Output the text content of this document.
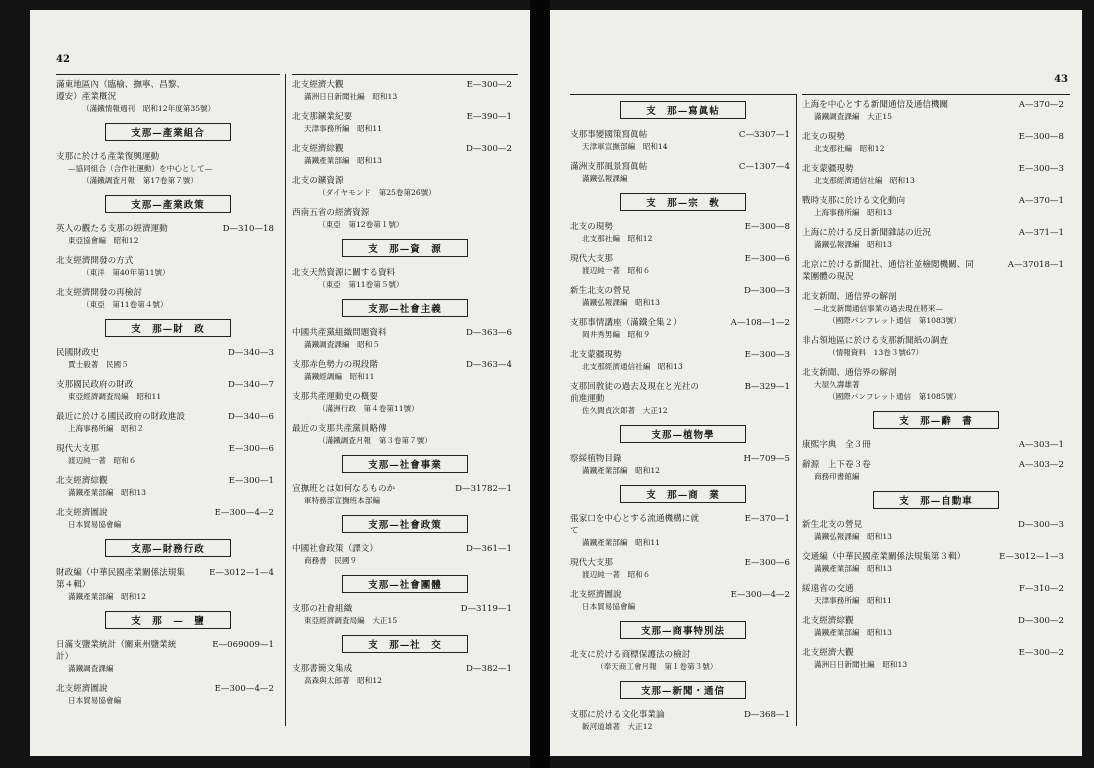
42
滿東地區內（臨榆、撫寧、昌黎、遵安）產業槪況
（滿鐵情報週刊　昭和12年度第35號）
支那—產業組合
支那に於ける產業復興運動
—協同組合（合作社運動）を中心として—
（滿鐵調査月報　第17卷第７號）
支那—產業政策
英人の觀たる支那の經濟運動	D—310—18
東亞協會編　昭和12
北支經濟開發の方式
（東洋　第40年第11號）
北支經濟開發の再檢討
（東亞　第11卷第４號）
支　那—財　政
民國財政史	D—340—3
賈士毅著　民國５
支那國民政府の財政	D—340—7
東亞經濟調査局編　昭和11
最近に於ける國民政府の財政進設	D—340—6
上海事務所編　昭和２
現代大支那	E—300—6
渡辺純一著　昭和６
北支經濟綜觀	E—300—1
滿鐵產業部編　昭和13
北支經濟圖說	E—300—4—2
日本貿易協會編
支那—財務行政
財政編（中華民國產業關係法規集第４輯）
E—3012—1—4
滿鐵產業部編　昭和12
支　那　—　鹽
日滿支鹽業統計（關東州鹽業統計）
E—069009—1
滿鐵調査課編
北支經濟圖說	E—300—4—2
日本貿易協會編
北支經濟大觀	E—300—2
滿洲日日新聞社編　昭和13
北支那鑛業紀要	E—390—1
天津事務所編　昭和11
北支經濟綜觀	D—300—2
滿鐵產業部編　昭和13
北支の鑛資源
（ダイヤモンド　第25卷第26號）
西南五省の經濟資源
（東亞　第12卷第１號）
支　那—資　源
北支天然資源に關する資料
（東亞　第11卷第５號）
支那—社會主義
中國共產黨組織問題資料	D—363—6
滿鐵調査課編　昭和５
支那赤色勢力の現段階	D—363—4
滿鐵經調編　昭和11
支那共產運動史の槪要
（滿洲行政　第４卷第11號）
最近の支那共產黨員略傳
（滿鐵調査月報　第３卷第７號）
支那—社會事業
宣撫班とは如何なるものか	D—31782—1
軍特務部宣撫班本部編
支那—社會政策
中國社會政策（譯文）	D—361—1
商務書　民國９
支那—社會團體
支那の社會組織	D—3119—1
東亞經濟調査局編　大正15
支　那—社　交
支那書簡文集成	D—382—1
高森與太郎著　昭和12
43
支　那—寫眞帖
支那事變國策寫眞帖	C—3307—1
天津軍宣撫部編　昭和14
滿洲支那風景寫眞帖	C—1307—4
滿鐵弘報課編
支　那—宗　敎
北支の現勢	E—300—8
北支那社編　昭和12
現代大支那	E—300—6
渡辺純一著　昭和６
新生北支の營見	D—300—3
滿鐵弘報課編　昭和13
支那事情講座（滿鐵全集２）	A—108—1—2
岡井秀男編　昭和９
北支蒙疆現勢	E—300—3
北支那經濟通信社編　昭和13
支那回敎徒の過去及現在と光社の前進運動
B—329—1
佐久間貞次郞著　大正12
支那—植物學
察綏植物目錄	H—709—5
滿鐵產業部編　昭和12
支　那—商　業
張家口を中心とする流通機構に就て
E—370—1
滿鐵產業部編　昭和11
現代大支那	E—300—6
渡辺純一著　昭和６
北支經濟圖說	E—300—4—2
日本貿易協會編
支那—商事特別法
北支に於ける商標保護法の檢討
（奉天商工會月報　第１卷第３號）
支那—新聞・通信
支那に於ける文化事業論	D—368—1
飯河道雄著　大正12
上海を中心とする新聞通信及通信機關	A—370—2
滿鐵調査課編　大正15
北支の現勢	E—300—8
北支那社編　昭和12
北支蒙疆現勢	E—300—3
北支那經濟通信社編　昭和13
戰時支那に於ける文化動向	A—370—1
上海事務所編　昭和13
上海に於ける反日新聞雜誌の近況	A—371—1
滿鐵弘報課編　昭和13
北京に於ける新聞社、通信社並檢閲機關、同業團體の現況
A—37018—1
北支新聞、通信界の解剖
—北支新聞通信事業の過去現在將來—
（國際パンフレット通信　第1083號）
非占領地區に於ける支那新聞紙の調査
（情報資料　13卷３號67）
北支新聞、通信界の解剖
大屋久壽雄著
（國際パンフレット通信　第1085號）
支　那—辭　書
康熙字典　全３冊	A—303—1
辭源　上下卷３卷	A—303—2
商務印書館編
支　那—自動車
新生北支の營見	D—300—3
滿鐵弘報課編　昭和13
交通編（中華民國產業關係法規集第３輯）	E—3012—1—3
滿鐵產業部編　昭和13
綏遠省の交通	F—310—2
天津事務所編　昭和11
北支經濟綜觀	D—300—2
滿鐵產業部編　昭和13
北支經濟大觀	E—300—2
滿洲日日新聞社編　昭和13
